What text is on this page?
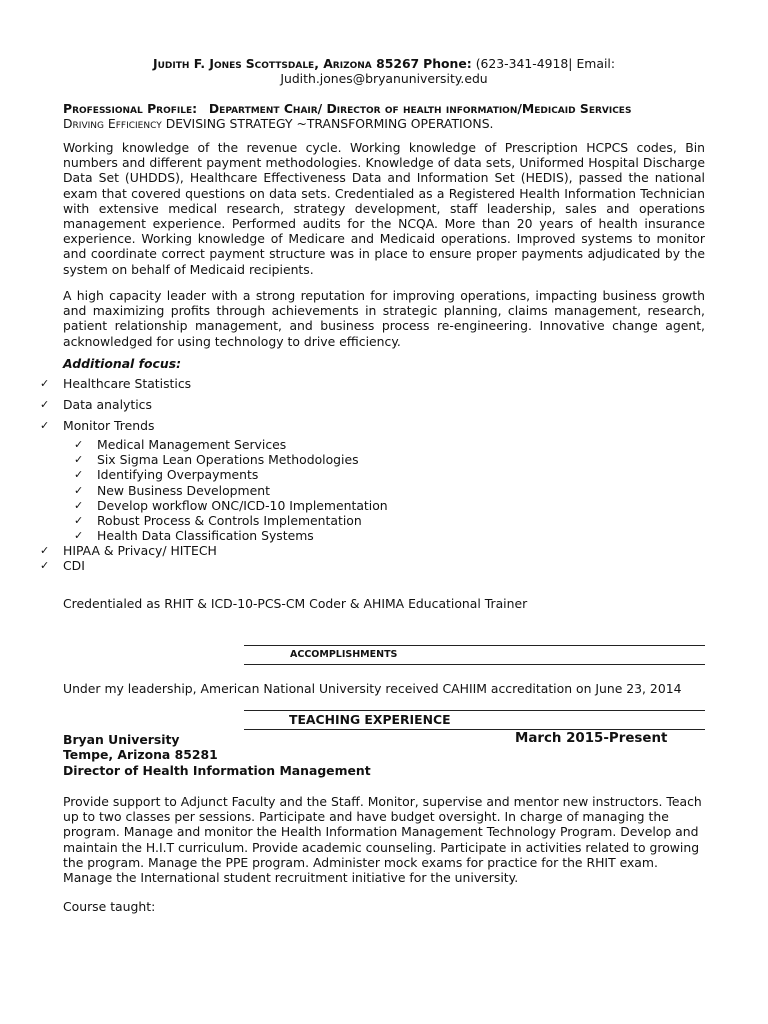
Judith F. Jones Scottsdale, Arizona 85267 Phone: (623-341-4918| Email:
Judith.jones@bryanuniversity.edu
Professional Profile: Department Chair/ Director of health information/Medicaid Services
Driving Efficiency DEVISING STRATEGY ~TRANSFORMING OPERATIONS.
Working knowledge of the revenue cycle. Working knowledge of Prescription HCPCS codes, Bin numbers and different payment methodologies. Knowledge of data sets, Uniformed Hospital Discharge Data Set (UHDDS), Healthcare Effectiveness Data and Information Set (HEDIS), passed the national exam that covered questions on data sets. Credentialed as a Registered Health Information Technician with extensive medical research, strategy development, staff leadership, sales and operations management experience. Performed audits for the NCQA. More than 20 years of health insurance experience. Working knowledge of Medicare and Medicaid operations. Improved systems to monitor and coordinate correct payment structure was in place to ensure proper payments adjudicated by the system on behalf of Medicaid recipients.
A high capacity leader with a strong reputation for improving operations, impacting business growth and maximizing profits through achievements in strategic planning, claims management, research, patient relationship management, and business process re-engineering. Innovative change agent, acknowledged for using technology to drive efficiency.
Additional focus:
✓ Healthcare Statistics
✓ Data analytics
✓ Monitor Trends
✓ Medical Management Services
✓ Six Sigma Lean Operations Methodologies
✓ Identifying Overpayments
✓ New Business Development
✓ Develop workflow ONC/ICD-10 Implementation
✓ Robust Process & Controls Implementation
✓ Health Data Classification Systems
✓ HIPAA & Privacy/ HITECH
✓ CDI
Credentialed as RHIT & ICD-10-PCS-CM Coder & AHIMA Educational Trainer
ACCOMPLISHMENTS
Under my leadership, American National University received CAHIIM accreditation on June 23, 2014
TEACHING EXPERIENCE
Bryan University	March 2015-Present
Tempe, Arizona 85281
Director of Health Information Management
Provide support to Adjunct Faculty and the Staff. Monitor, supervise and mentor new instructors. Teach up to two classes per sessions. Participate and have budget oversight. In charge of managing the program. Manage and monitor the Health Information Management Technology Program. Develop and maintain the H.I.T curriculum. Provide academic counseling. Participate in activities related to growing the program. Manage the PPE program. Administer mock exams for practice for the RHIT exam. Manage the International student recruitment initiative for the university.
Course taught:
